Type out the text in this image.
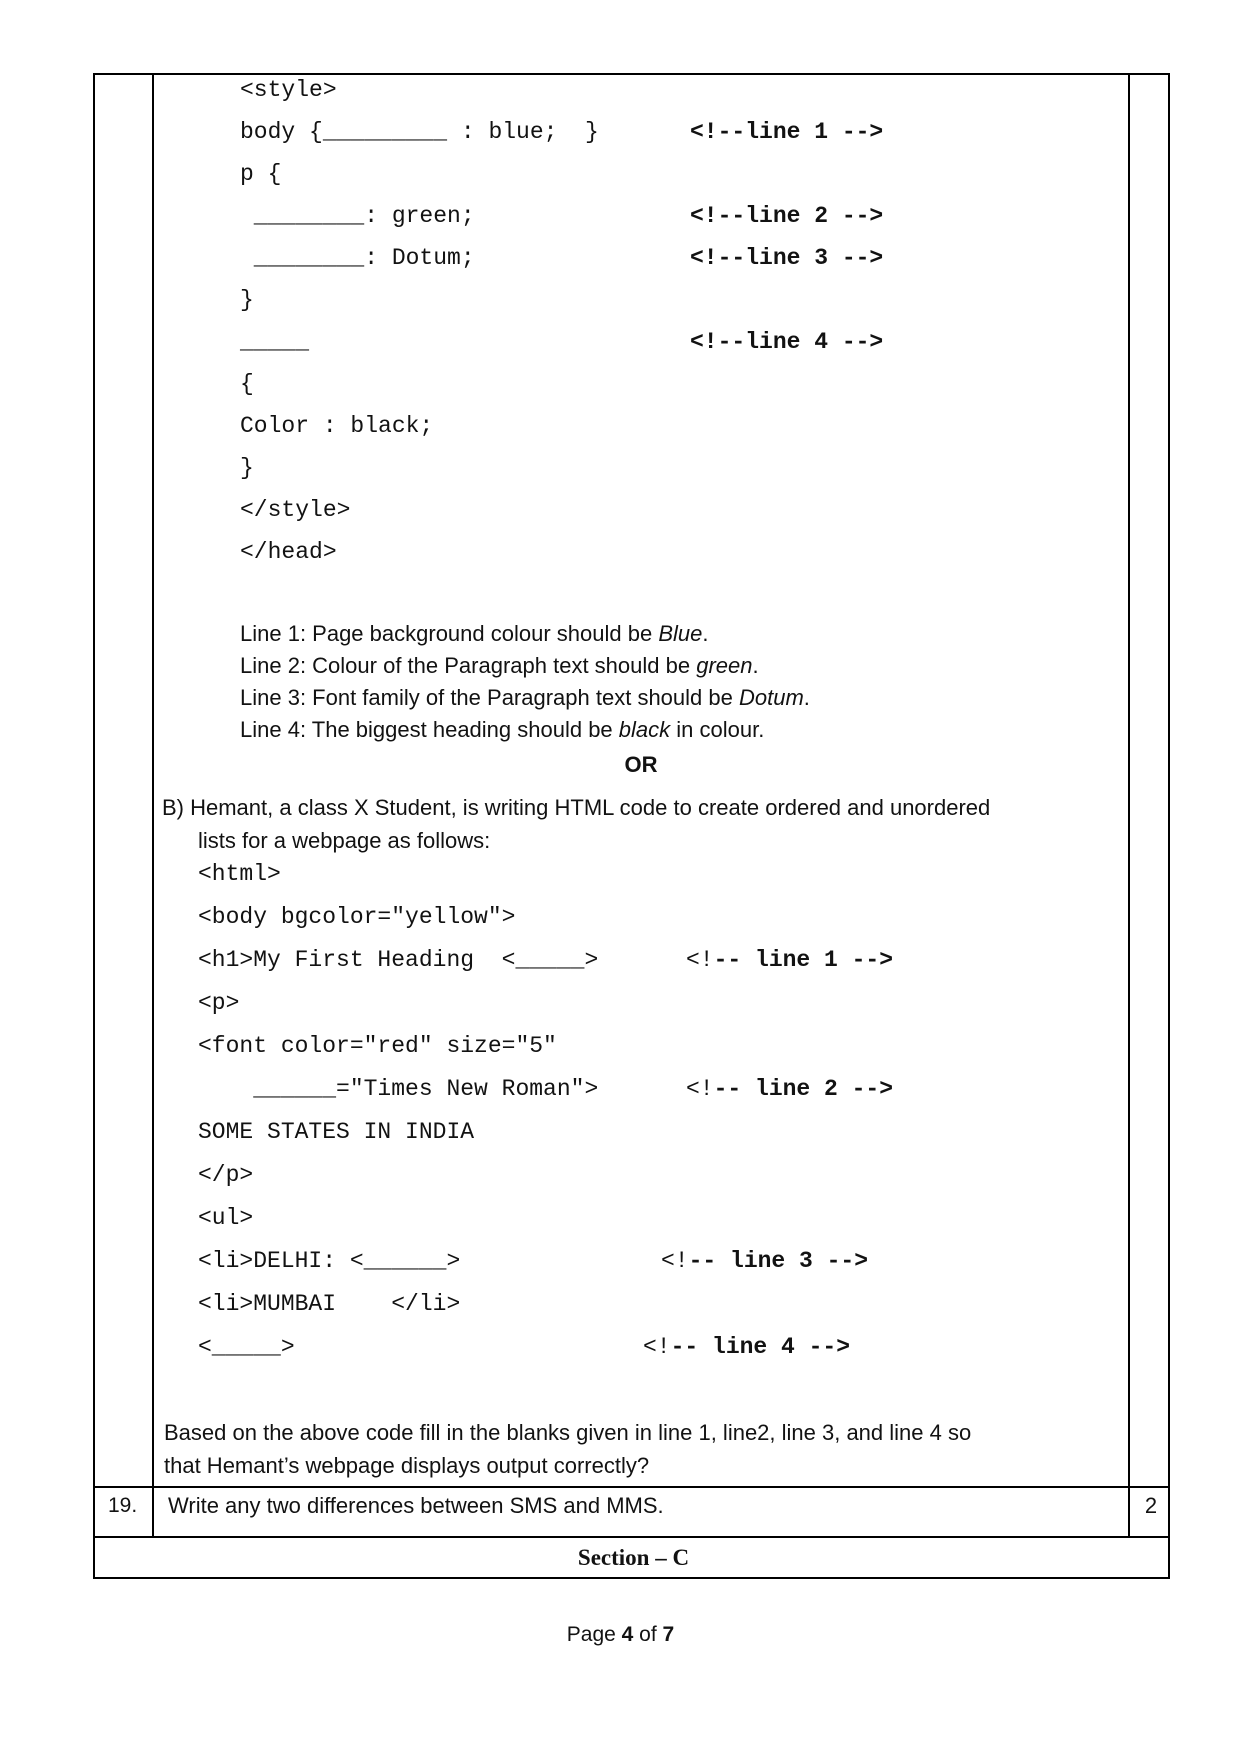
<style>
body {_________ : blue;  }	<!--line 1 -->
p {
________: green;	<!--line 2 -->
________: Dotum;	<!--line 3 -->
}
_____	<!--line 4 -->
{
Color : black;
}
</style>
</head>
Line 1: Page background colour should be Blue.
Line 2: Colour of the Paragraph text should be green.
Line 3: Font family of the Paragraph text should be Dotum.
Line 4: The biggest heading should be black in colour.
OR
B) Hemant, a class X Student, is writing HTML code to create ordered and unordered
lists for a webpage as follows:
<html>
<body bgcolor="yellow">
<h1>My First Heading  <_____>	<!-- line 1 -->
<p>
<font color="red" size="5"
______="Times New Roman">	<!-- line 2 -->
SOME STATES IN INDIA
</p>
<ul>
<li>DELHI: <______>	<!-- line 3 -->
<li>MUMBAI    </li>
<_____>	<!-- line 4 -->
Based on the above code fill in the blanks given in line 1, line2, line 3, and line 4 so
that Hemant’s webpage displays output correctly?
19.	Write any two differences between SMS and MMS.	2
Section – C
Page 4 of 7
